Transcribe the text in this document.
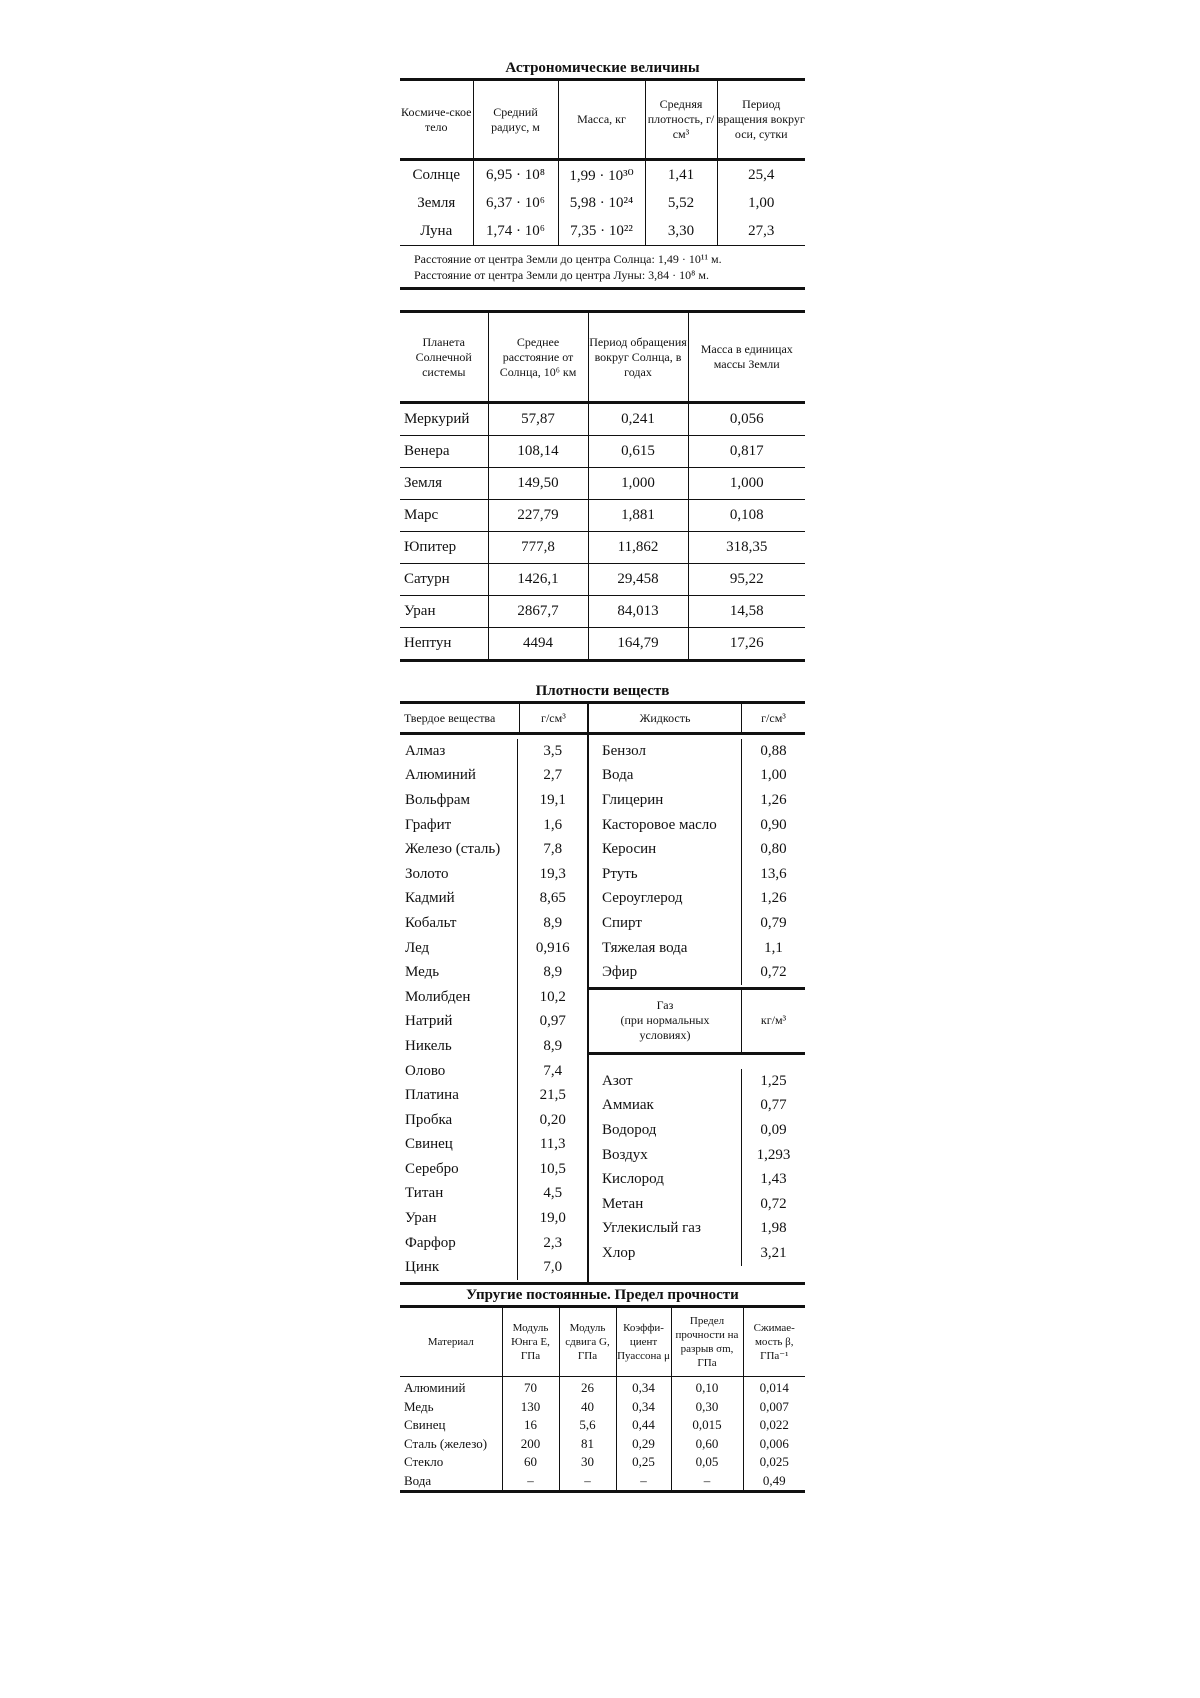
Астрономические величины
Космиче-ское тело	Средний радиус, м	Масса, кг	Средняя плотность, г/см³	Период вращения вокруг оси, сутки
Солнце	6,95 · 10⁸	1,99 · 10³⁰	1,41	25,4
Земля	6,37 · 10⁶	5,98 · 10²⁴	5,52	1,00
Луна	1,74 · 10⁶	7,35 · 10²²	3,30	27,3
Расстояние от центра Земли до центра Солнца: 1,49 · 10¹¹ м.
Расстояние от центра Земли до центра Луны: 3,84 · 10⁸ м.
Планета Солнечной системы	Среднее расстояние от Солнца, 10⁶ км	Период обращения вокруг Солнца, в годах	Масса в единицах массы Земли
Меркурий	57,87	0,241	0,056
Венера	108,14	0,615	0,817
Земля	149,50	1,000	1,000
Марс	227,79	1,881	0,108
Юпитер	777,8	11,862	318,35
Сатурн	1426,1	29,458	95,22
Уран	2867,7	84,013	14,58
Нептун	4494	164,79	17,26
Плотности веществ
Твердое вещества	г/см³
Алмаз	3,5
Алюминий	2,7
Вольфрам	19,1
Графит	1,6
Железо (сталь)	7,8
Золото	19,3
Кадмий	8,65
Кобальт	8,9
Лед	0,916
Медь	8,9
Молибден	10,2
Натрий	0,97
Никель	8,9
Олово	7,4
Платина	21,5
Пробка	0,20
Свинец	11,3
Серебро	10,5
Титан	4,5
Уран	19,0
Фарфор	2,3
Цинк	7,0
Жидкость	г/см³
Бензол	0,88
Вода	1,00
Глицерин	1,26
Касторовое масло	0,90
Керосин	0,80
Ртуть	13,6
Сероуглерод	1,26
Спирт	0,79
Тяжелая вода	1,1
Эфир	0,72
Газ
(при нормальных
условиях)
кг/м³
Азот	1,25
Аммиак	0,77
Водород	0,09
Воздух	1,293
Кислород	1,43
Метан	0,72
Углекислый газ	1,98
Хлор	3,21
Упругие постоянные. Предел прочности
Материал	Модуль Юнга E, ГПа	Модуль сдвига G, ГПа	Коэффи-циент Пуассона μ	Предел прочности на разрыв σm, ГПа	Сжимае-мость β, ГПа⁻¹
Алюминий	70	26	0,34	0,10	0,014
Медь	130	40	0,34	0,30	0,007
Свинец	16	5,6	0,44	0,015	0,022
Сталь (железо)	200	81	0,29	0,60	0,006
Стекло	60	30	0,25	0,05	0,025
Вода	–	–	–	–	0,49
